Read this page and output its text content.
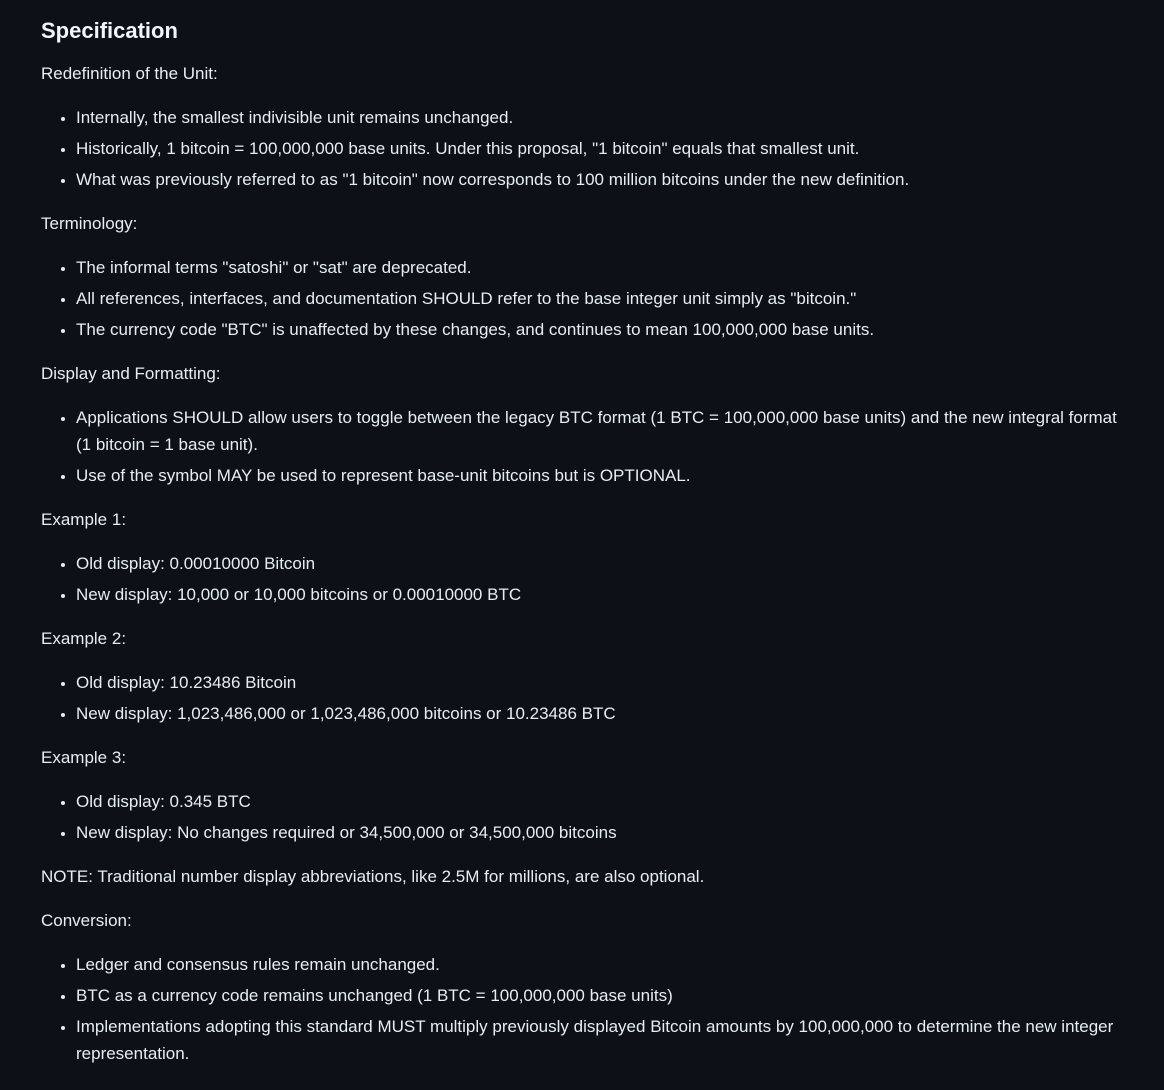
Specification

Redefinition of the Unit:

• Internally, the smallest indivisible unit remains unchanged.
• Historically, 1 bitcoin = 100,000,000 base units. Under this proposal, "1 bitcoin" equals that smallest unit.
• What was previously referred to as "1 bitcoin" now corresponds to 100 million bitcoins under the new definition.

Terminology:

• The informal terms "satoshi" or "sat" are deprecated.
• All references, interfaces, and documentation SHOULD refer to the base integer unit simply as "bitcoin."
• The currency code "BTC" is unaffected by these changes, and continues to mean 100,000,000 base units.

Display and Formatting:

• Applications SHOULD allow users to toggle between the legacy BTC format (1 BTC = 100,000,000 base units) and the new integral format (1 bitcoin = 1 base unit).
• Use of the symbol MAY be used to represent base-unit bitcoins but is OPTIONAL.

Example 1:

• Old display: 0.00010000 Bitcoin
• New display: 10,000 or 10,000 bitcoins or 0.00010000 BTC

Example 2:

• Old display: 10.23486 Bitcoin
• New display: 1,023,486,000 or 1,023,486,000 bitcoins or 10.23486 BTC

Example 3:

• Old display: 0.345 BTC
• New display: No changes required or 34,500,000 or 34,500,000 bitcoins

NOTE: Traditional number display abbreviations, like 2.5M for millions, are also optional.

Conversion:

• Ledger and consensus rules remain unchanged.
• BTC as a currency code remains unchanged (1 BTC = 100,000,000 base units)
• Implementations adopting this standard MUST multiply previously displayed Bitcoin amounts by 100,000,000 to determine the new integer representation.
